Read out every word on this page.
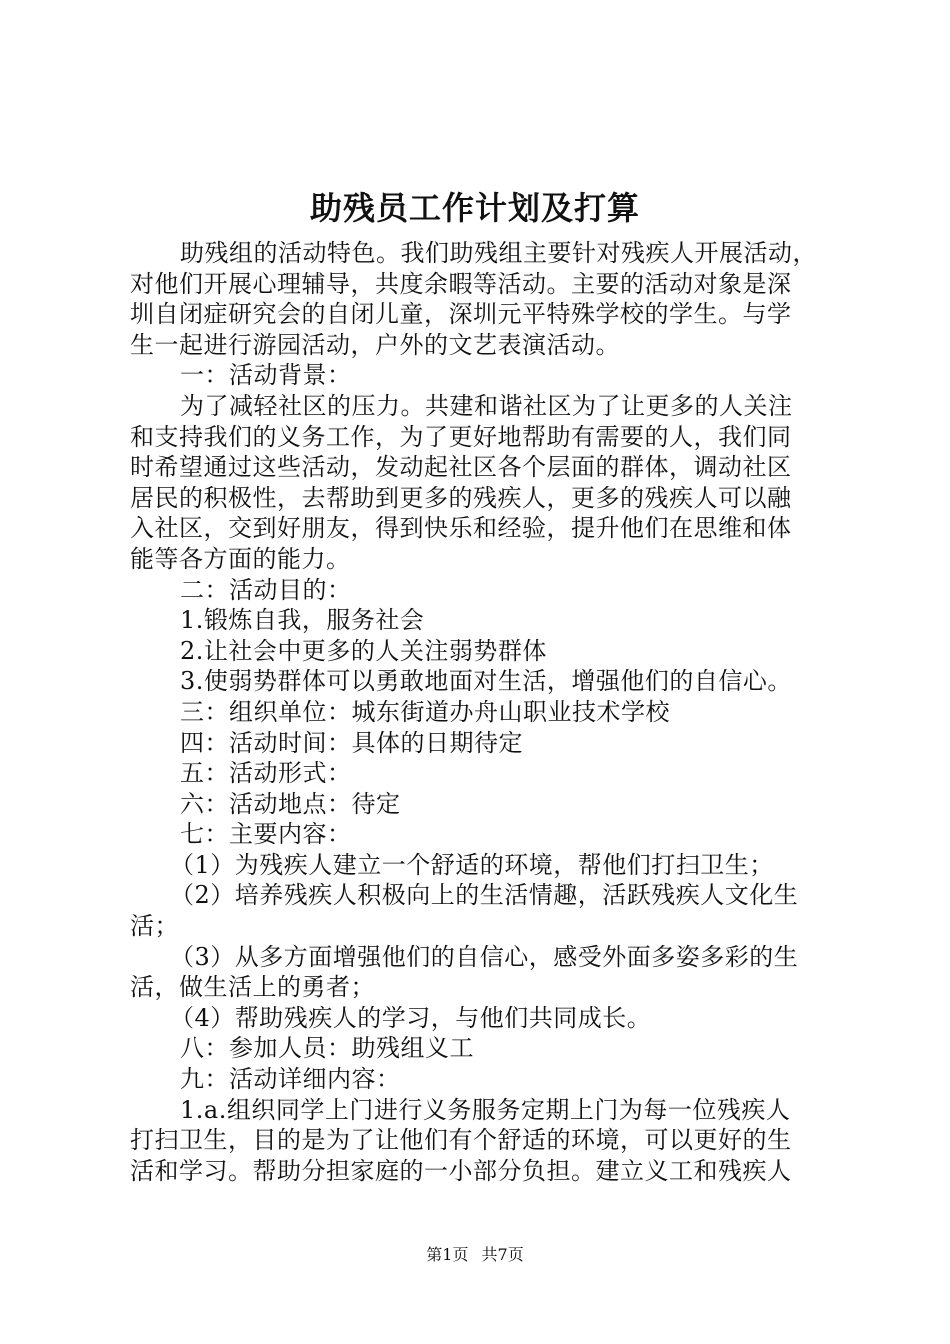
助残员工作计划及打算
助残组的活动特色。我们助残组主要针对残疾人开展活动，
对他们开展心理辅导，共度余暇等活动。主要的活动对象是深
圳自闭症研究会的自闭儿童，深圳元平特殊学校的学生。与学
生一起进行游园活动，户外的文艺表演活动。
一：活动背景：
为了减轻社区的压力。共建和谐社区为了让更多的人关注
和支持我们的义务工作，为了更好地帮助有需要的人，我们同
时希望通过这些活动，发动起社区各个层面的群体，调动社区
居民的积极性，去帮助到更多的残疾人，更多的残疾人可以融
入社区，交到好朋友，得到快乐和经验，提升他们在思维和体
能等各方面的能力。
二：活动目的：
1.锻炼自我，服务社会
2.让社会中更多的人关注弱势群体
3.使弱势群体可以勇敢地面对生活，增强他们的自信心。
三：组织单位：城东街道办舟山职业技术学校
四：活动时间：具体的日期待定
五：活动形式：
六：活动地点：待定
七：主要内容：
（1）为残疾人建立一个舒适的环境，帮他们打扫卫生；
（2）培养残疾人积极向上的生活情趣，活跃残疾人文化生
活；
（3）从多方面增强他们的自信心，感受外面多姿多彩的生
活，做生活上的勇者；
（4）帮助残疾人的学习，与他们共同成长。
八：参加人员：助残组义工
九：活动详细内容：
1.a.组织同学上门进行义务服务定期上门为每一位残疾人
打扫卫生，目的是为了让他们有个舒适的环境，可以更好的生
活和学习。帮助分担家庭的一小部分负担。建立义工和残疾人
第1页 共7页
